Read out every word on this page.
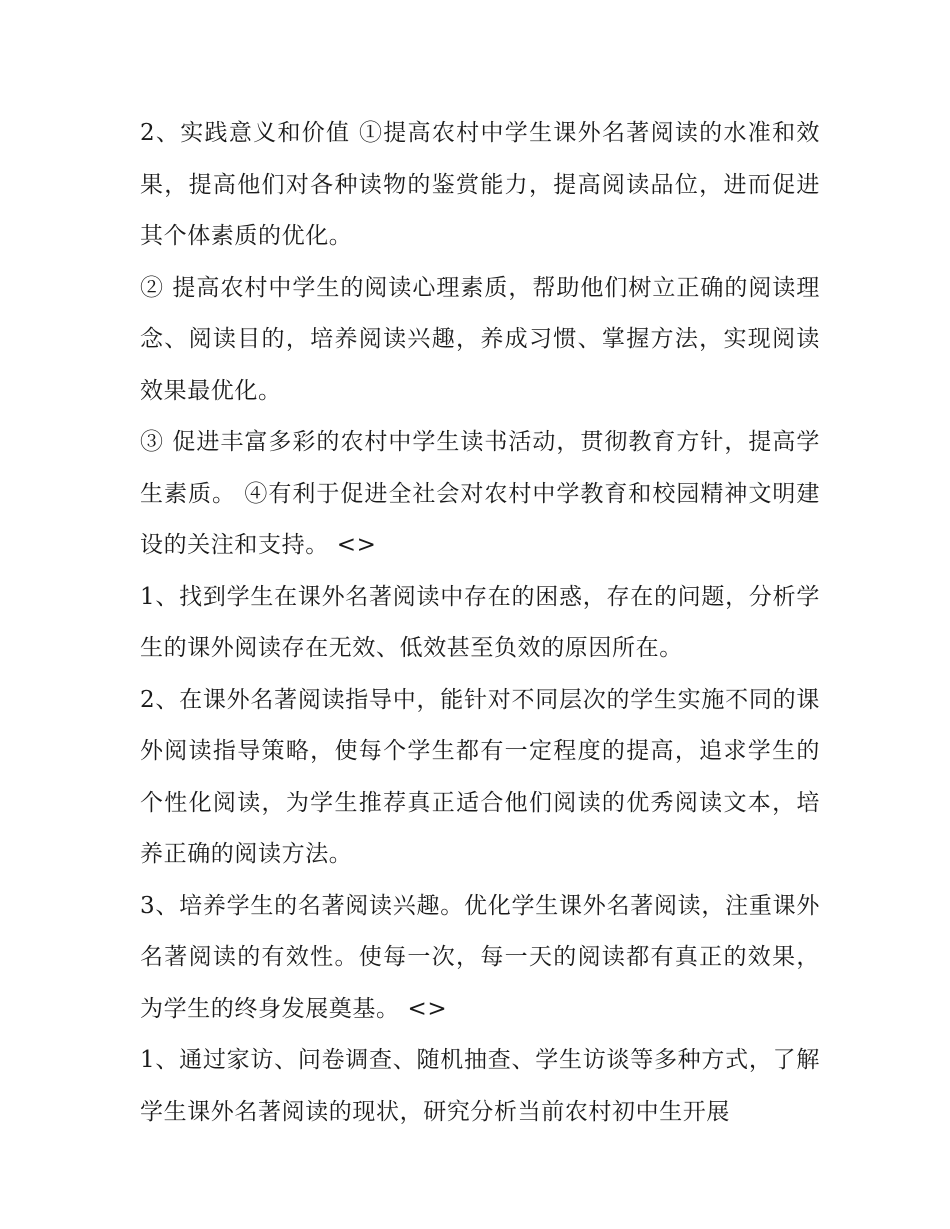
2、实践意义和价值 ①提高农村中学生课外名著阅读的水准和效果，提高他们对各种读物的鉴赏能力，提高阅读品位，进而促进其个体素质的优化。

② 提高农村中学生的阅读心理素质，帮助他们树立正确的阅读理念、阅读目的，培养阅读兴趣，养成习惯、掌握方法，实现阅读效果最优化。

③ 促进丰富多彩的农村中学生读书活动，贯彻教育方针，提高学生素质。 ④有利于促进全社会对农村中学教育和校园精神文明建设的关注和支持。 <>

1、找到学生在课外名著阅读中存在的困惑，存在的问题，分析学生的课外阅读存在无效、低效甚至负效的原因所在。

2、在课外名著阅读指导中，能针对不同层次的学生实施不同的课外阅读指导策略，使每个学生都有一定程度的提高，追求学生的个性化阅读，为学生推荐真正适合他们阅读的优秀阅读文本，培养正确的阅读方法。

3、培养学生的名著阅读兴趣。优化学生课外名著阅读，注重课外名著阅读的有效性。使每一次，每一天的阅读都有真正的效果，为学生的终身发展奠基。 <>

1、通过家访、问卷调查、随机抽查、学生访谈等多种方式，了解学生课外名著阅读的现状，研究分析当前农村初中生开展
